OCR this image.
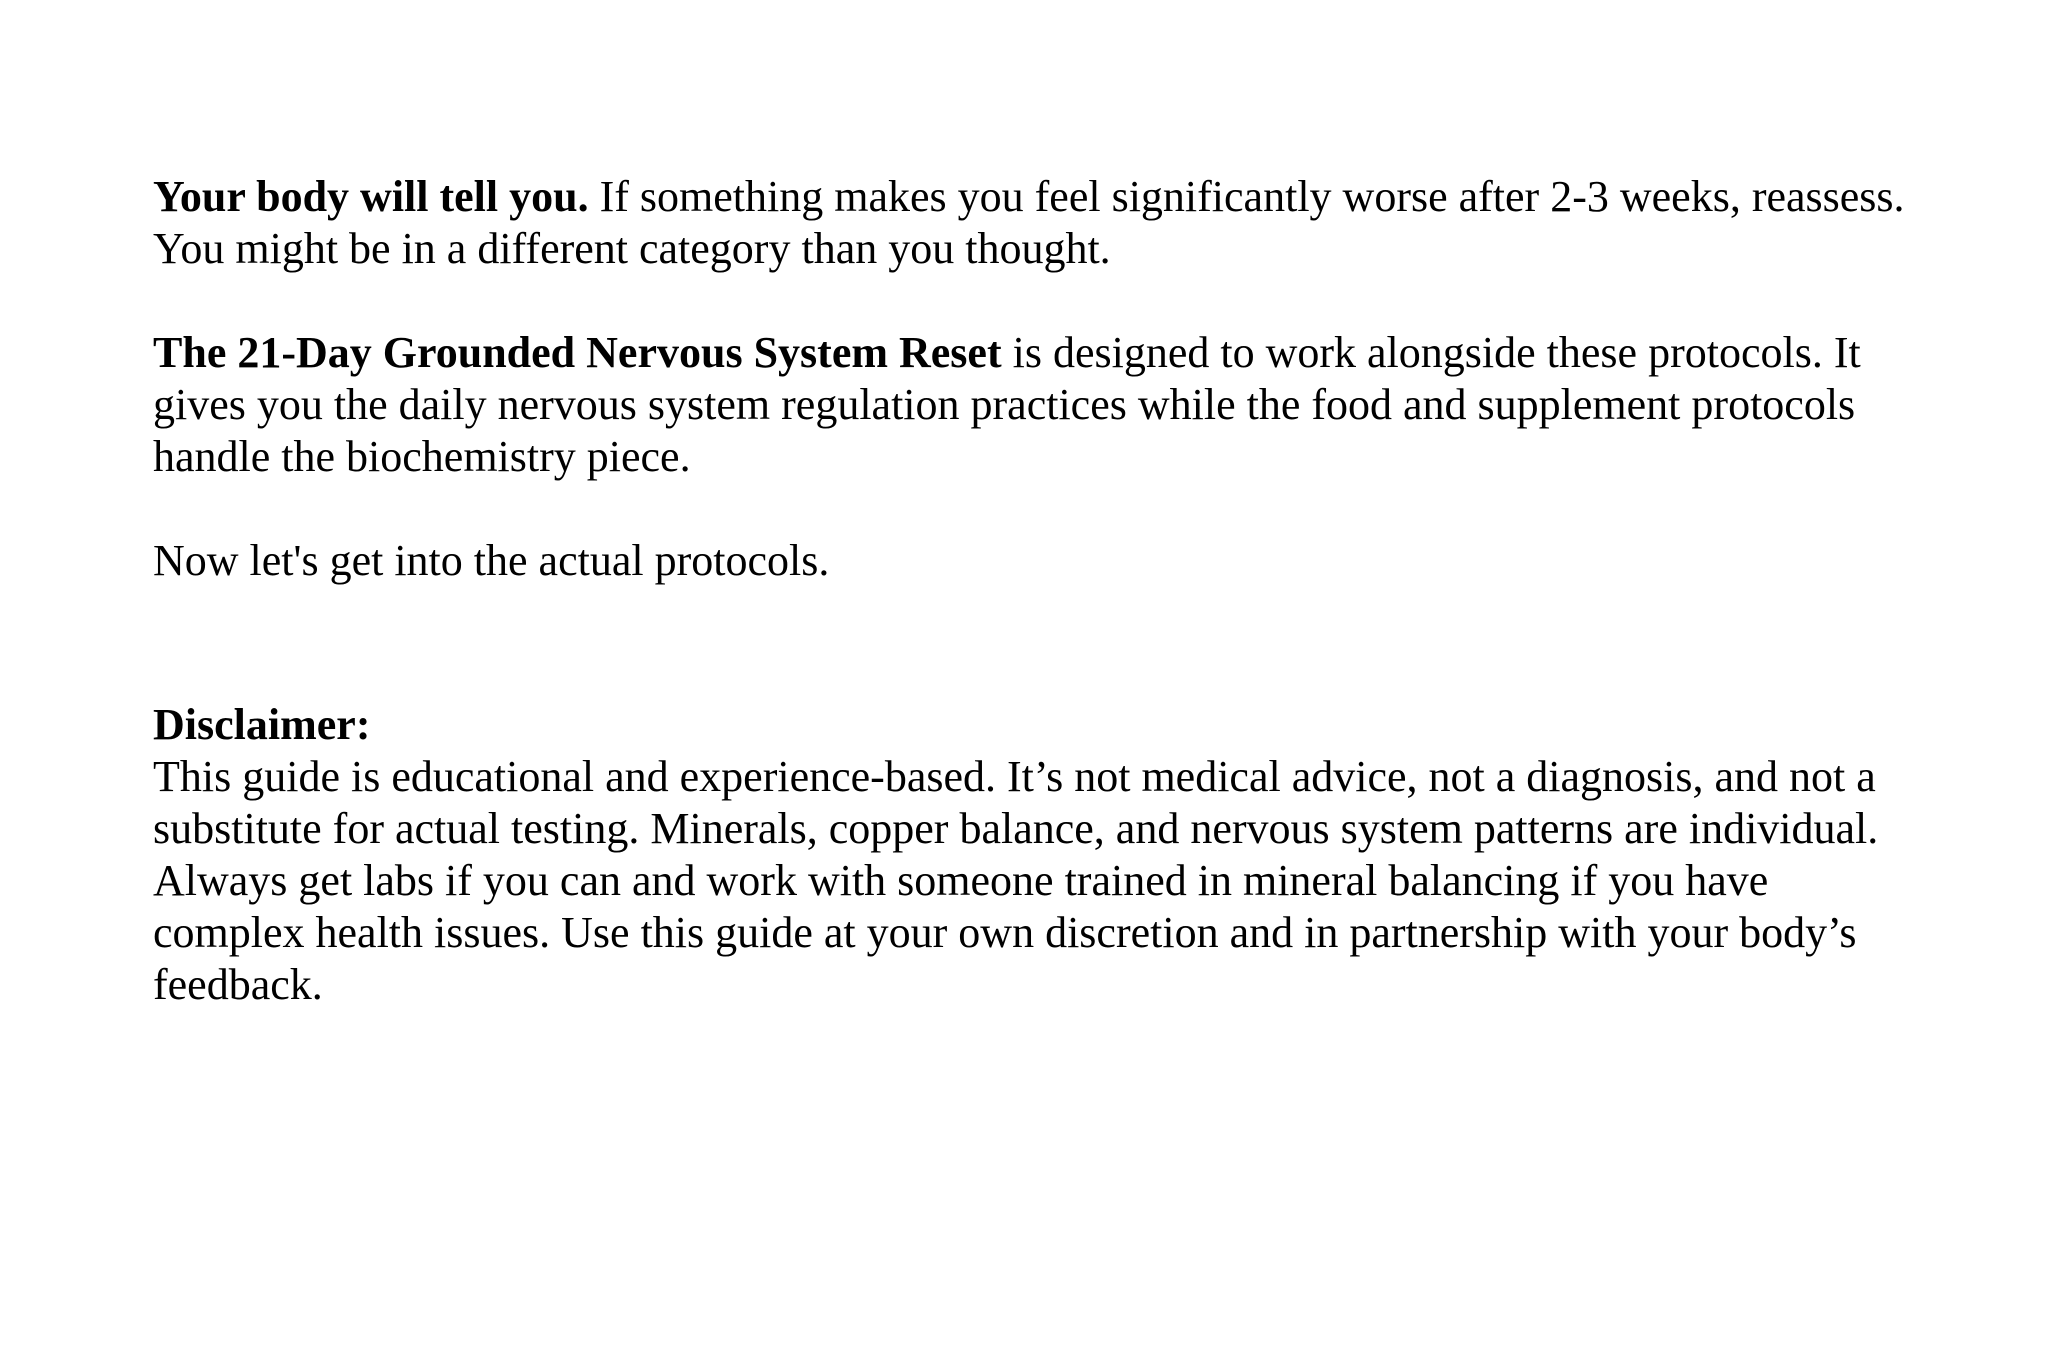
Your body will tell you. If something makes you feel significantly worse after 2-3 weeks, reassess. You might be in a different category than you thought.

The 21-Day Grounded Nervous System Reset is designed to work alongside these protocols. It gives you the daily nervous system regulation practices while the food and supplement protocols handle the biochemistry piece.

Now let's get into the actual protocols.

Disclaimer:

This guide is educational and experience-based. It’s not medical advice, not a diagnosis, and not a substitute for actual testing. Minerals, copper balance, and nervous system patterns are individual. Always get labs if you can and work with someone trained in mineral balancing if you have complex health issues. Use this guide at your own discretion and in partnership with your body’s feedback.
